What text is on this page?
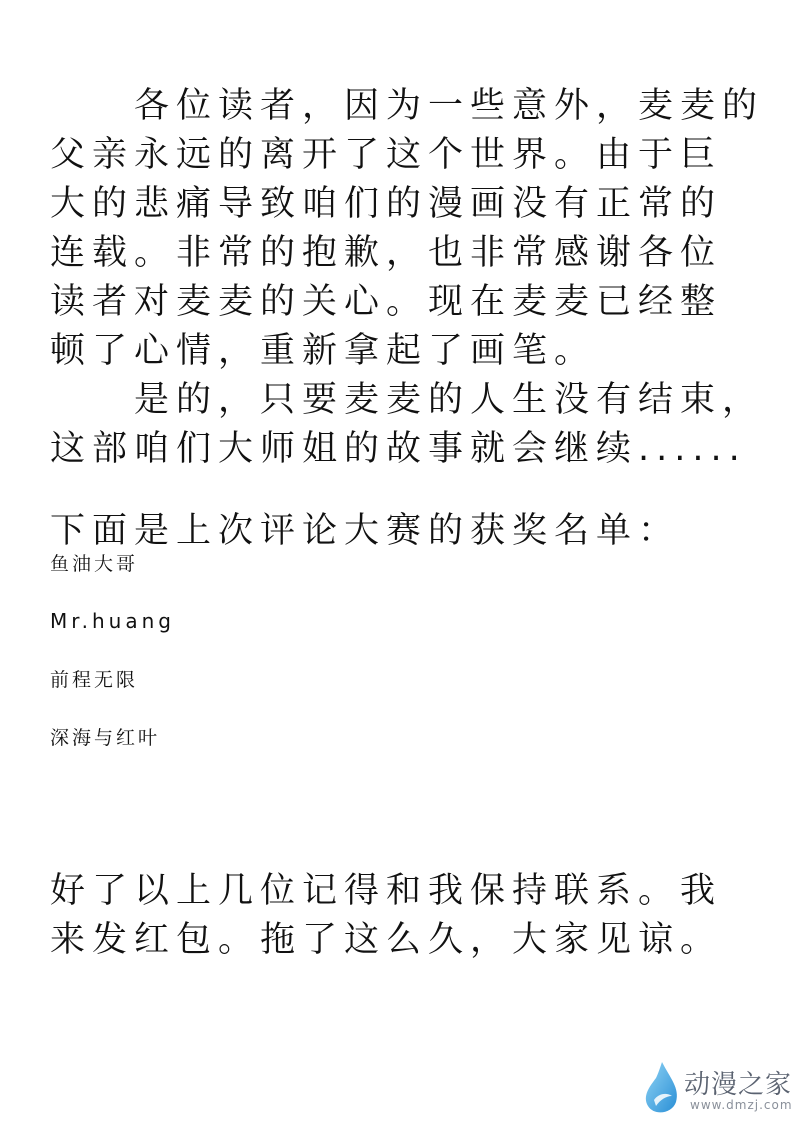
　　各位读者，因为一些意外，麦麦的
父亲永远的离开了这个世界。由于巨
大的悲痛导致咱们的漫画没有正常的
连载。非常的抱歉，也非常感谢各位
读者对麦麦的关心。现在麦麦已经整
顿了心情，重新拿起了画笔。
　　是的，只要麦麦的人生没有结束，
这部咱们大师姐的故事就会继续......
下面是上次评论大赛的获奖名单：
鱼油大哥
Mr.huang
前程无限
深海与红叶
好了以上几位记得和我保持联系。我
来发红包。拖了这么久，大家见谅。
动漫之家
www.dmzj.com
